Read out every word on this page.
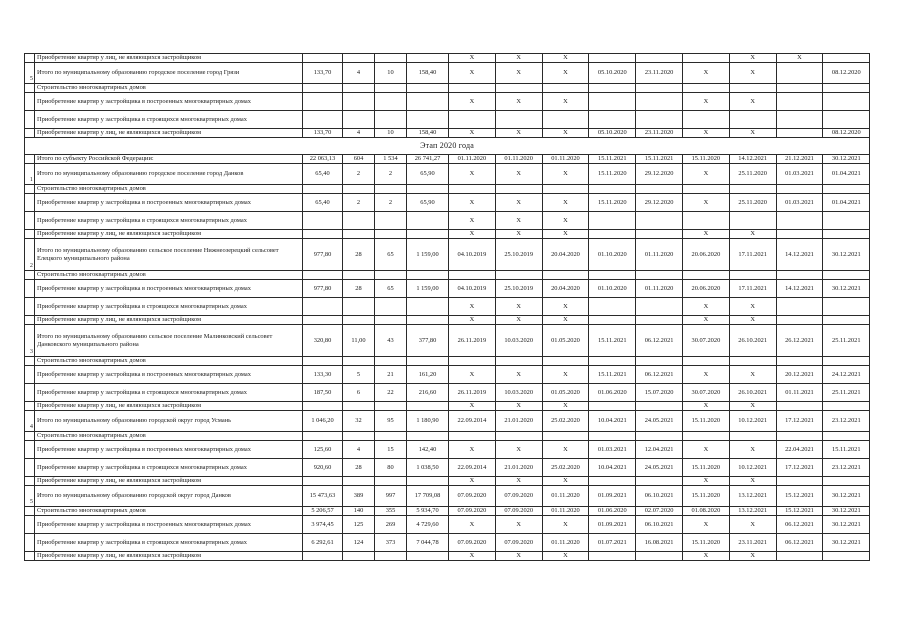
	Приобретение квартир у лиц, не являющихся застройщиком					X	X	X				X	X	
5	Итого по муниципальному образованию городское поселение город Грязи	133,70	4	10	158,40	X	X	X	05.10.2020	23.11.2020	X	X		08.12.2020
	Строительство многоквартирных домов													
	Приобретение квартир у застройщика в построенных многоквартирных домах					X	X	X			X	X		
	Приобретение квартир у застройщика в строящихся многоквартирных домах													
	Приобретение квартир у лиц, не являющихся застройщиком	133,70	4	10	158,40	X	X	X	05.10.2020	23.11.2020	X	X		08.12.2020
Этап 2020 года														
	Итого по субъекту Российской Федерации:	22 063,13	604	1 534	26 741,27	01.11.2020	01.11.2020	01.11.2020	15.11.2021	15.11.2021	15.11.2020	14.12.2021	21.12.2021	30.12.2021
1	Итого по муниципальному образованию городское поселение город Данков	65,40	2	2	65,90	X	X	X	15.11.2020	29.12.2020	X	25.11.2020	01.03.2021	01.04.2021
	Строительство многоквартирных домов													
	Приобретение квартир у застройщика в построенных многоквартирных домах	65,40	2	2	65,90	X	X	X	15.11.2020	29.12.2020	X	25.11.2020	01.03.2021	01.04.2021
	Приобретение квартир у застройщика в строящихся многоквартирных домах					X	X	X						
	Приобретение квартир у лиц, не являющихся застройщиком					X	X	X			X	X		
2	Итого по муниципальному образованию сельское поселение Нижнеозерецкий сельсовет Елецкого муниципального района	977,80	28	65	1 159,00	04.10.2019	25.10.2019	20.04.2020	01.10.2020	01.11.2020	20.06.2020	17.11.2021	14.12.2021	30.12.2021
	Строительство многоквартирных домов													
	Приобретение квартир у застройщика в построенных многоквартирных домах	977,80	28	65	1 159,00	04.10.2019	25.10.2019	20.04.2020	01.10.2020	01.11.2020	20.06.2020	17.11.2021	14.12.2021	30.12.2021
	Приобретение квартир у застройщика в строящихся многоквартирных домах					X	X	X			X	X		
	Приобретение квартир у лиц, не являющихся застройщиком					X	X	X			X	X		
3	Итого по муниципальному образованию сельское поселение Малинковский сельсовет Данковского муниципального района	320,80	11,00	43	377,80	26.11.2019	10.03.2020	01.05.2020	15.11.2021	06.12.2021	30.07.2020	26.10.2021	26.12.2021	25.11.2021
	Строительство многоквартирных домов													
	Приобретение квартир у застройщика в построенных многоквартирных домах	133,30	5	21	161,20	X	X	X	15.11.2021	06.12.2021	X	X	20.12.2021	24.12.2021
	Приобретение квартир у застройщика в строящихся многоквартирных домах	187,50	6	22	216,60	26.11.2019	10.03.2020	01.05.2020	01.06.2020	15.07.2020	30.07.2020	26.10.2021	01.11.2021	25.11.2021
	Приобретение квартир у лиц, не являющихся застройщиком					X	X	X			X	X		
4	Итого по муниципальному образованию городской округ город Усмань	1 046,20	32	95	1 180,90	22.09.2014	21.01.2020	25.02.2020	10.04.2021	24.05.2021	15.11.2020	10.12.2021	17.12.2021	23.12.2021
	Строительство многоквартирных домов													
	Приобретение квартир у застройщика в построенных многоквартирных домах	125,60	4	15	142,40	X	X	X	01.03.2021	12.04.2021	X	X	22.04.2021	15.11.2021
	Приобретение квартир у застройщика в строящихся многоквартирных домах	920,60	28	80	1 038,50	22.09.2014	21.01.2020	25.02.2020	10.04.2021	24.05.2021	15.11.2020	10.12.2021	17.12.2021	23.12.2021
	Приобретение квартир у лиц, не являющихся застройщиком					X	X	X			X	X		
5	Итого по муниципальному образованию городской округ город Данков	15 473,63	389	997	17 709,08	07.09.2020	07.09.2020	01.11.2020	01.09.2021	06.10.2021	15.11.2020	13.12.2021	15.12.2021	30.12.2021
	Строительство многоквартирных домов	5 206,57	140	355	5 934,70	07.09.2020	07.09.2020	01.11.2020	01.06.2020	02.07.2020	01.08.2020	13.12.2021	15.12.2021	30.12.2021
	Приобретение квартир у застройщика в построенных многоквартирных домах	3 974,45	125	269	4 729,60	X	X	X	01.09.2021	06.10.2021	X	X	06.12.2021	30.12.2021
	Приобретение квартир у застройщика в строящихся многоквартирных домах	6 292,61	124	373	7 044,78	07.09.2020	07.09.2020	01.11.2020	01.07.2021	16.08.2021	15.11.2020	23.11.2021	06.12.2021	30.12.2021
	Приобретение квартир у лиц, не являющихся застройщиком					X	X	X			X	X		
